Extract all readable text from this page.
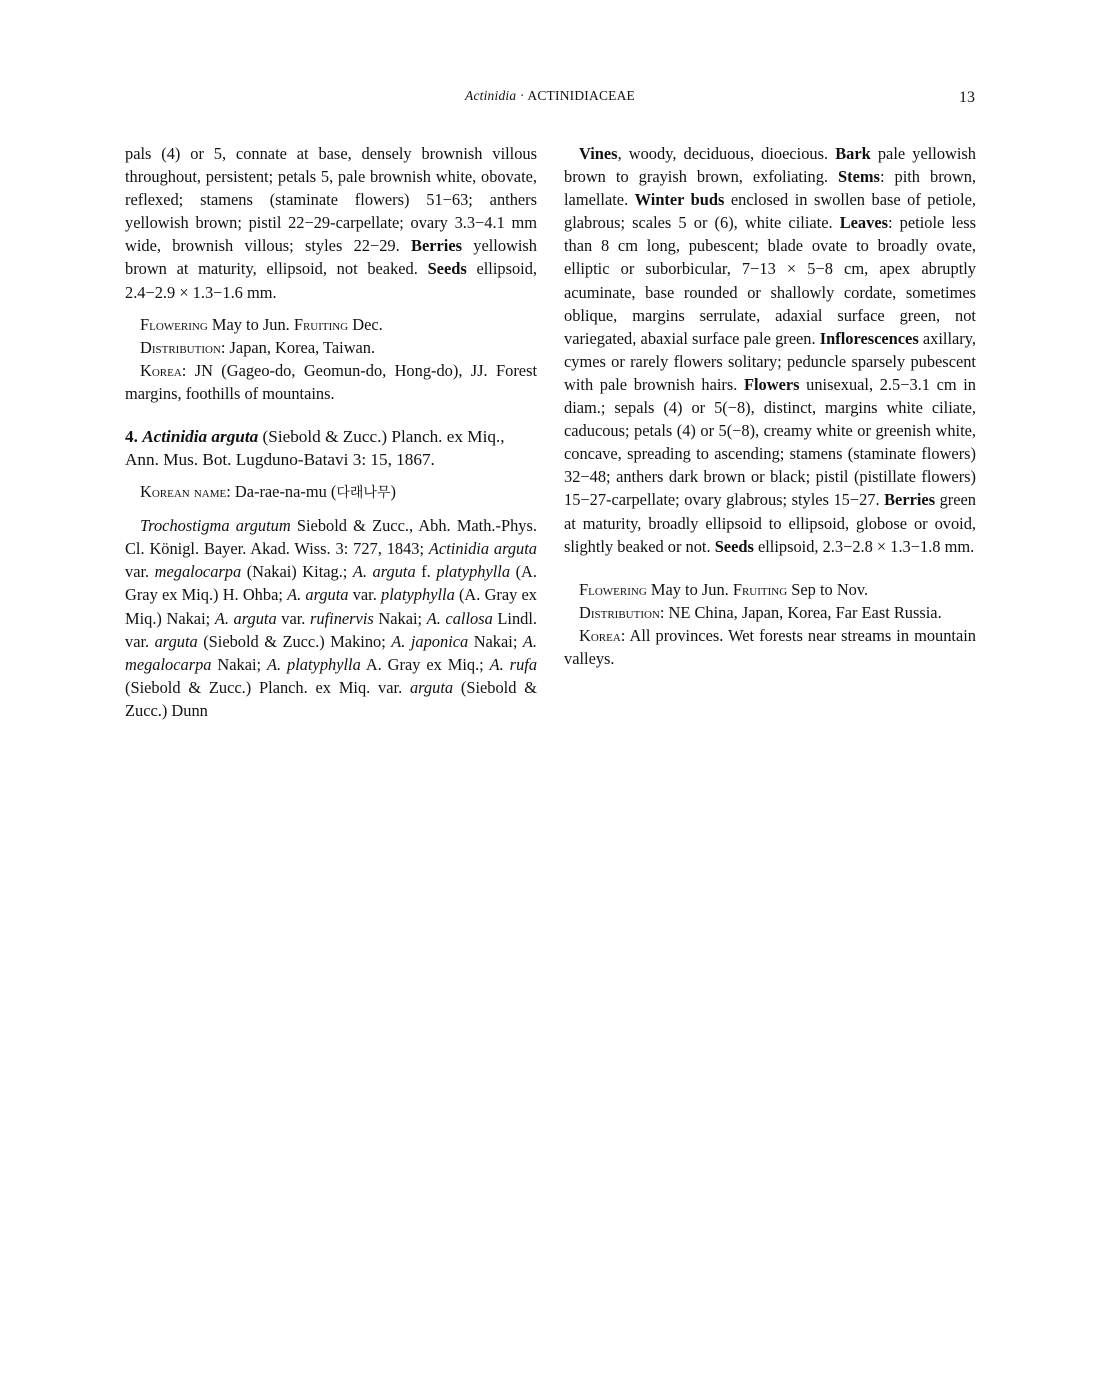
Actinidia · ACTINIDIACEAE	13

pals (4) or 5, connate at base, densely brownish villous throughout, persistent; petals 5, pale brownish white, obovate, reflexed; stamens (staminate flowers) 51−63; anthers yellowish brown; pistil 22−29-carpellate; ovary 3.3−4.1 mm wide, brownish villous; styles 22−29. Berries yellowish brown at maturity, ellipsoid, not beaked. Seeds ellipsoid, 2.4−2.9 × 1.3−1.6 mm.

Flowering May to Jun. Fruiting Dec.

Distribution: Japan, Korea, Taiwan.

Korea: JN (Gageo-do, Geomun-do, Hong-do), JJ. Forest margins, foothills of mountains.

4. Actinidia arguta (Siebold & Zucc.) Planch. ex Miq., Ann. Mus. Bot. Lugduno-Batavi 3: 15, 1867.

Korean name: Da-rae-na-mu (다래나무)

Trochostigma argutum Siebold & Zucc., Abh. Math.-Phys. Cl. Königl. Bayer. Akad. Wiss. 3: 727, 1843; Actinidia arguta var. megalocarpa (Nakai) Kitag.; A. arguta f. platyphylla (A. Gray ex Miq.) H. Ohba; A. arguta var. platyphylla (A. Gray ex Miq.) Nakai; A. arguta var. rufinervis Nakai; A. callosa Lindl. var. arguta (Siebold & Zucc.) Makino; A. japonica Nakai; A. megalocarpa Nakai; A. platyphylla A. Gray ex Miq.; A. rufa (Siebold & Zucc.) Planch. ex Miq. var. arguta (Siebold & Zucc.) Dunn

Vines, woody, deciduous, dioecious. Bark pale yellowish brown to grayish brown, exfoliating. Stems: pith brown, lamellate. Winter buds enclosed in swollen base of petiole, glabrous; scales 5 or (6), white ciliate. Leaves: petiole less than 8 cm long, pubescent; blade ovate to broadly ovate, elliptic or suborbicular, 7−13 × 5−8 cm, apex abruptly acuminate, base rounded or shallowly cordate, sometimes oblique, margins serrulate, adaxial surface green, not variegated, abaxial surface pale green. Inflorescences axillary, cymes or rarely flowers solitary; peduncle sparsely pubescent with pale brownish hairs. Flowers unisexual, 2.5−3.1 cm in diam.; sepals (4) or 5(−8), distinct, margins white ciliate, caducous; petals (4) or 5(−8), creamy white or greenish white, concave, spreading to ascending; stamens (staminate flowers) 32−48; anthers dark brown or black; pistil (pistillate flowers) 15−27-carpellate; ovary glabrous; styles 15−27. Berries green at maturity, broadly ellipsoid to ellipsoid, globose or ovoid, slightly beaked or not. Seeds ellipsoid, 2.3−2.8 × 1.3−1.8 mm.

Flowering May to Jun. Fruiting Sep to Nov.

Distribution: NE China, Japan, Korea, Far East Russia.

Korea: All provinces. Wet forests near streams in mountain valleys.
